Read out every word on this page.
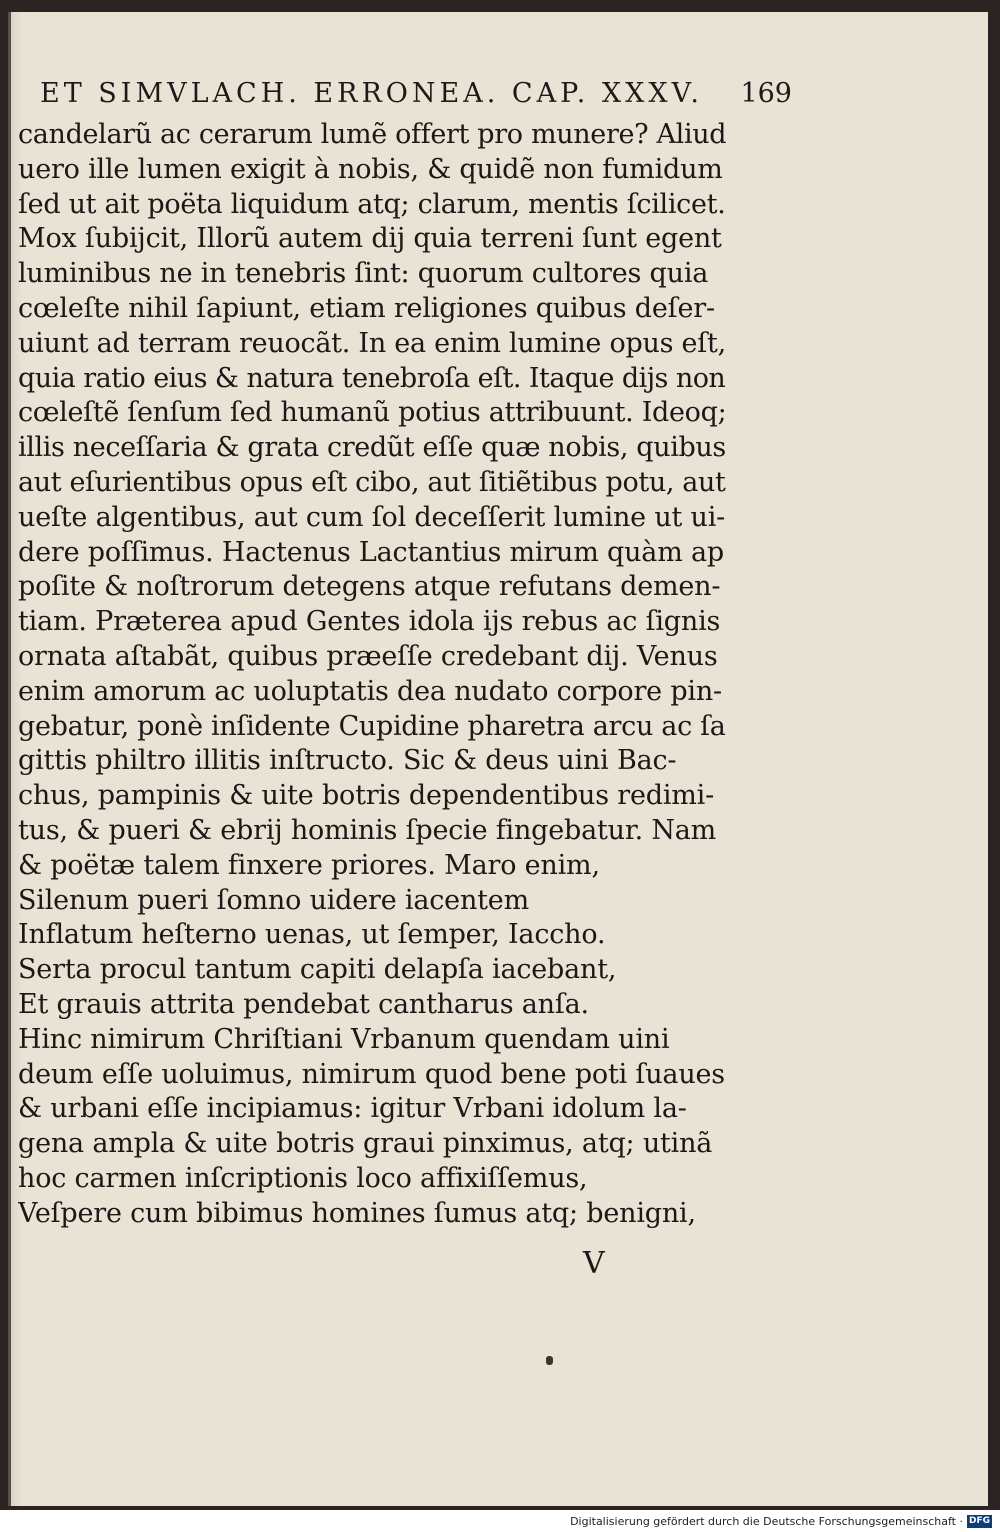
ET SIMVLACH. ERRONEA. CAP. XXXV. 169
candelarũ ac cerarum lumẽ offert pro munere? Aliud
uero ille lumen exigit à nobis, & quidẽ non fumidum
ſed ut ait poëta liquidum atq; clarum, mentis ſcilicet.
Mox ſubijcit, Illorũ autem dij quia terreni ſunt egent
luminibus ne in tenebris ſint: quorum cultores quia
cœleſte nihil ſapiunt, etiam religiones quibus deſer-
uiunt ad terram reuocãt. In ea enim lumine opus eſt,
quia ratio eius & natura tenebroſa eſt. Itaque dijs non
cœleſtẽ ſenſum ſed humanũ potius attribuunt. Ideoq;
illis neceſſaria & grata credũt eſſe quæ nobis, quibus
aut eſurientibus opus eſt cibo, aut ſitiẽtibus potu, aut
ueſte algentibus, aut cum ſol deceſſerit lumine ut ui-
dere poſſimus. Hactenus Lactantius mirum quàm ap
poſite & noſtrorum detegens atque refutans demen-
tiam. Præterea apud Gentes idola ijs rebus ac ſignis
ornata aſtabãt, quibus præeſſe credebant dij. Venus
enim amorum ac uoluptatis dea nudato corpore pin-
gebatur, ponè inſidente Cupidine pharetra arcu ac ſa
gittis philtro illitis inſtructo. Sic & deus uini Bac-
chus, pampinis & uite botris dependentibus redimi-
tus, & pueri & ebrij hominis ſpecie fingebatur. Nam
& poëtæ talem finxere priores. Maro enim,
Silenum pueri ſomno uidere iacentem
Inflatum heſterno uenas, ut ſemper, Iaccho.
Serta procul tantum capiti delapſa iacebant,
Et grauis attrita pendebat cantharus anſa.
Hinc nimirum Chriſtiani Vrbanum quendam uini
deum eſſe uoluimus, nimirum quod bene poti ſuaues
& urbani eſſe incipiamus: igitur Vrbani idolum la-
gena ampla & uite botris graui pinximus, atq; utinã
hoc carmen inſcriptionis loco affixiſſemus,
Veſpere cum bibimus homines ſumus atq; benigni,
V
Digitalisierung gefördert durch die Deutsche Forschungsgemeinschaft · DFG
